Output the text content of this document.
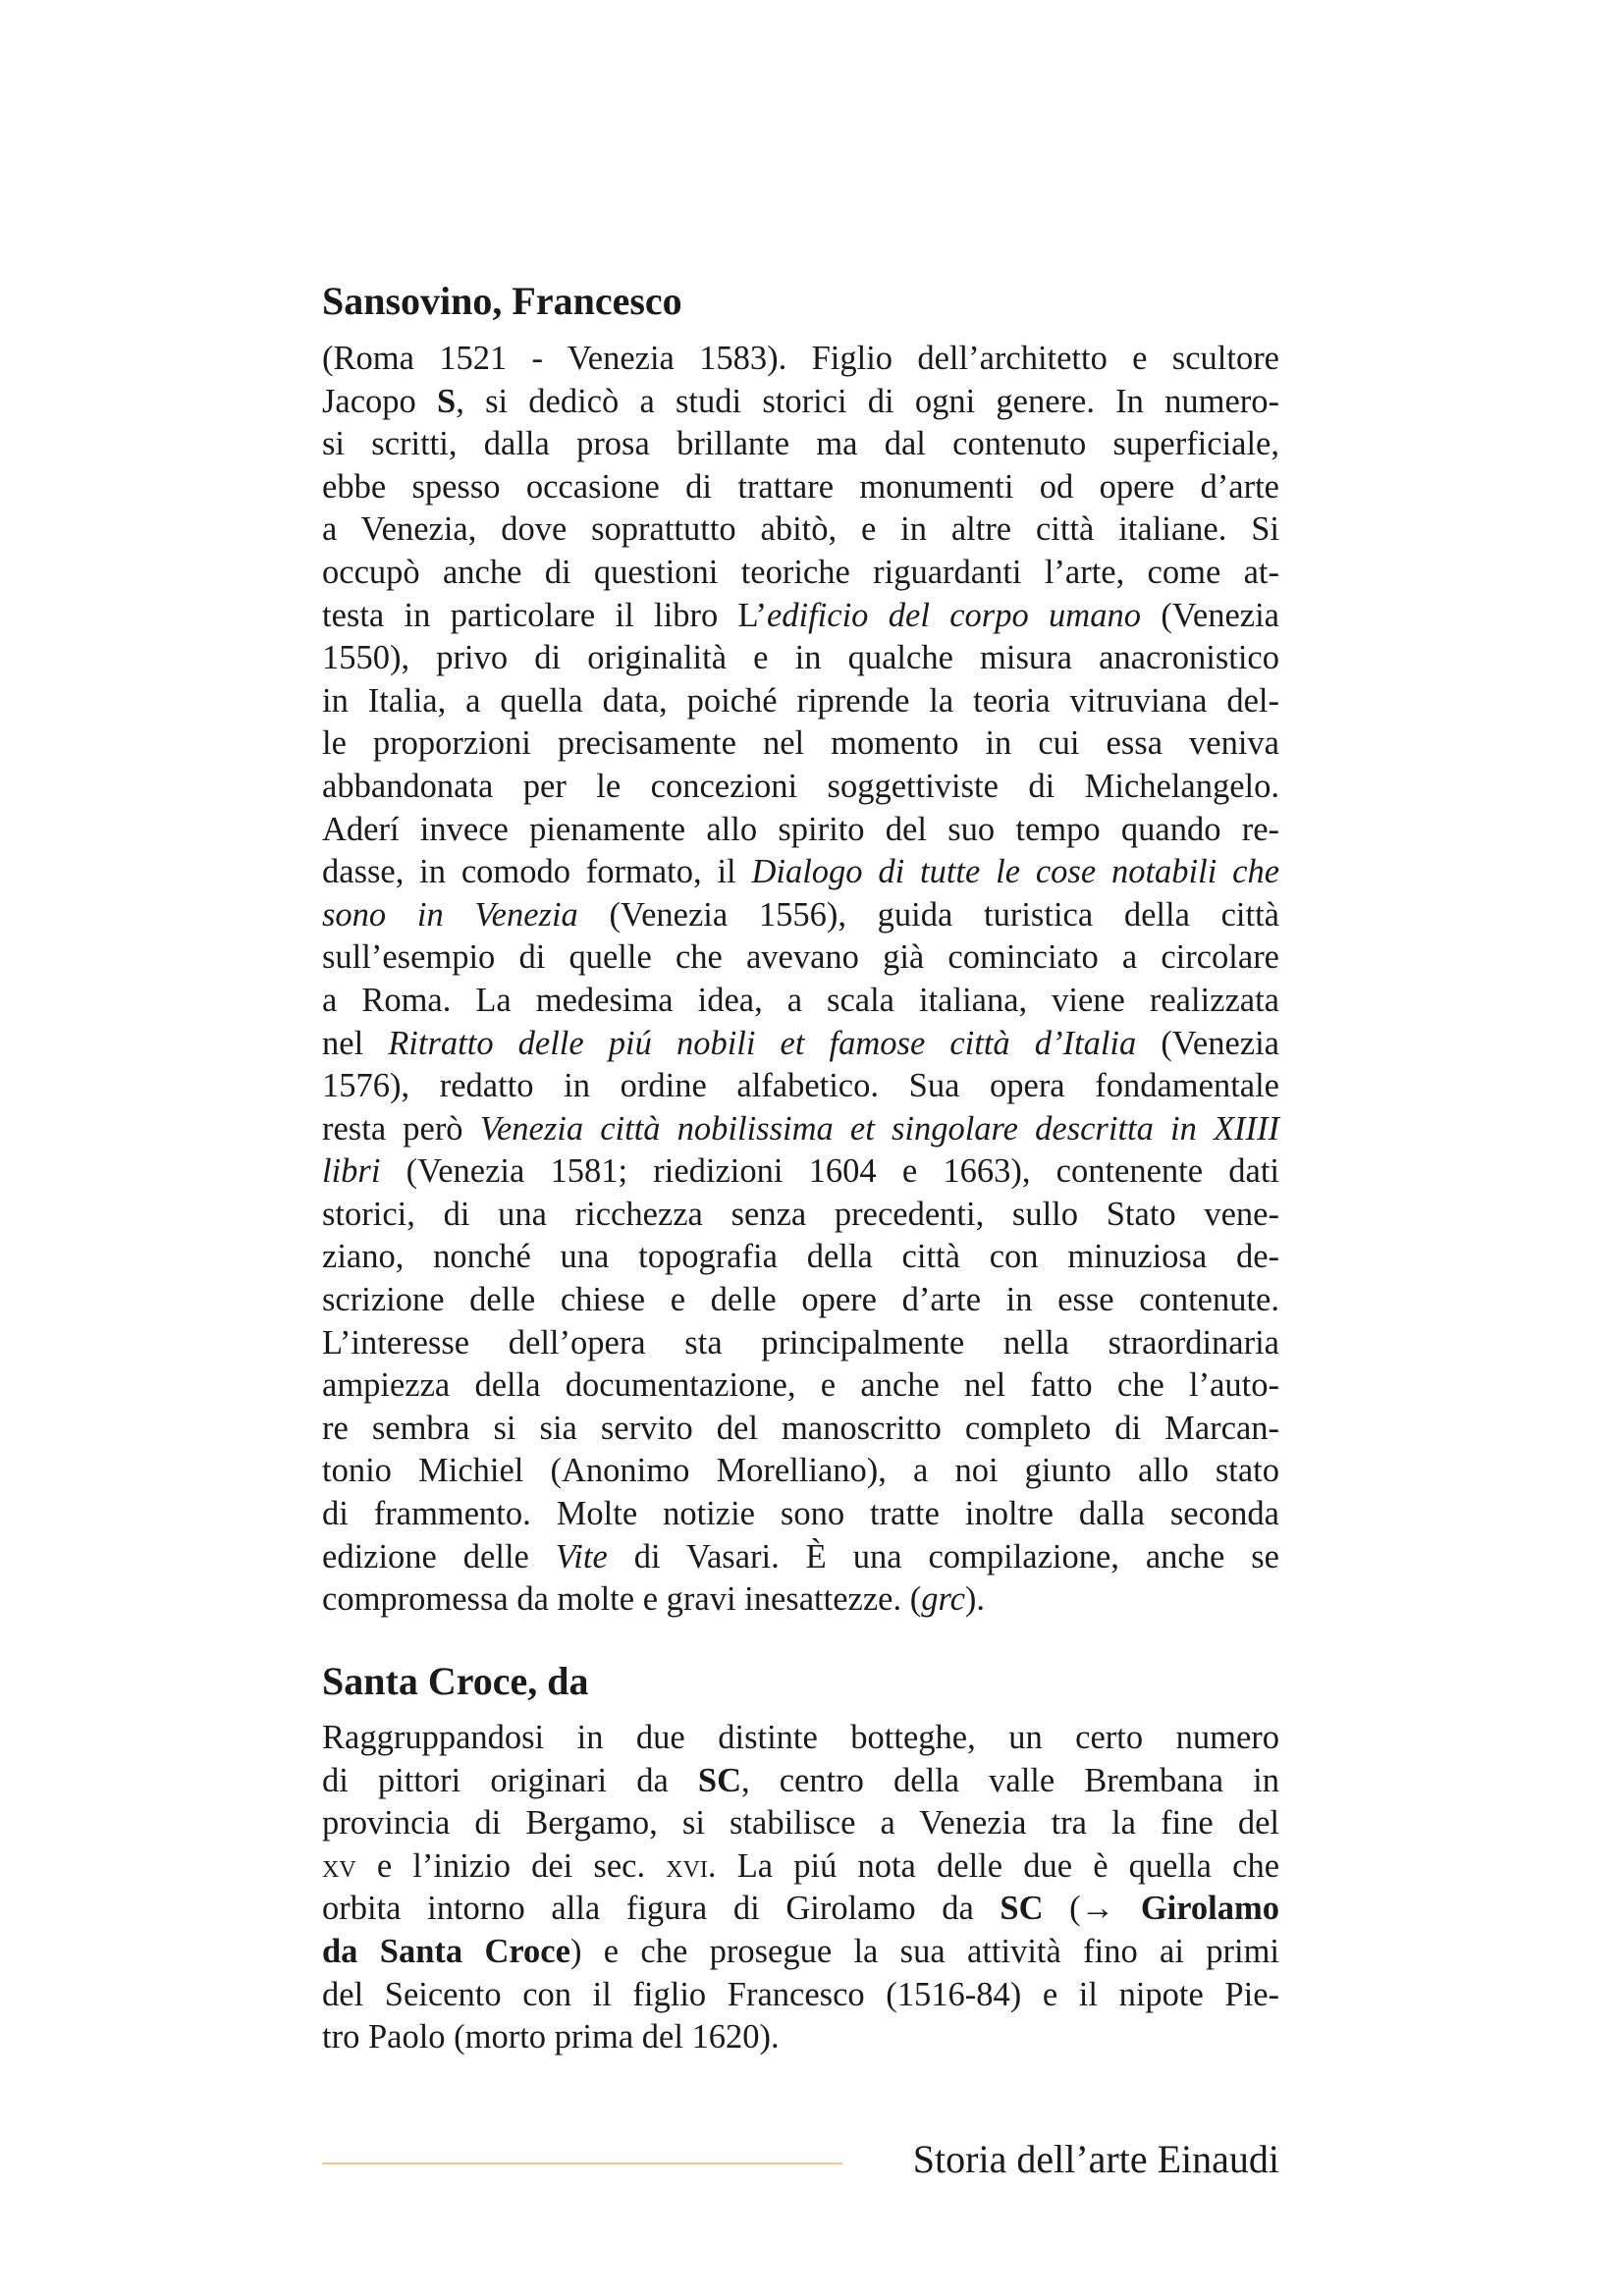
Sansovino, Francesco
(Roma 1521 - Venezia 1583). Figlio dell’architetto e scultore
Jacopo S, si dedicò a studi storici di ogni genere. In numero-
si scritti, dalla prosa brillante ma dal contenuto superficiale,
ebbe spesso occasione di trattare monumenti od opere d’arte
a Venezia, dove soprattutto abitò, e in altre città italiane. Si
occupò anche di questioni teoriche riguardanti l’arte, come at-
testa in particolare il libro L’edificio del corpo umano (Venezia
1550), privo di originalità e in qualche misura anacronistico
in Italia, a quella data, poiché riprende la teoria vitruviana del-
le proporzioni precisamente nel momento in cui essa veniva
abbandonata per le concezioni soggettiviste di Michelangelo.
Aderí invece pienamente allo spirito del suo tempo quando re-
dasse, in comodo formato, il Dialogo di tutte le cose notabili che
sono in Venezia (Venezia 1556), guida turistica della città
sull’esempio di quelle che avevano già cominciato a circolare
a Roma. La medesima idea, a scala italiana, viene realizzata
nel Ritratto delle piú nobili et famose città d’Italia (Venezia
1576), redatto in ordine alfabetico. Sua opera fondamentale
resta però Venezia città nobilissima et singolare descritta in XIIII
libri (Venezia 1581; riedizioni 1604 e 1663), contenente dati
storici, di una ricchezza senza precedenti, sullo Stato vene-
ziano, nonché una topografia della città con minuziosa de-
scrizione delle chiese e delle opere d’arte in esse contenute.
L’interesse dell’opera sta principalmente nella straordinaria
ampiezza della documentazione, e anche nel fatto che l’auto-
re sembra si sia servito del manoscritto completo di Marcan-
tonio Michiel (Anonimo Morelliano), a noi giunto allo stato
di frammento. Molte notizie sono tratte inoltre dalla seconda
edizione delle Vite di Vasari. È una compilazione, anche se
compromessa da molte e gravi inesattezze. (grc).
Santa Croce, da
Raggruppandosi in due distinte botteghe, un certo numero
di pittori originari da SC, centro della valle Brembana in
provincia di Bergamo, si stabilisce a Venezia tra la fine del
xv e l’inizio dei sec. xvi. La piú nota delle due è quella che
orbita intorno alla figura di Girolamo da SC (→ Girolamo
da Santa Croce) e che prosegue la sua attività fino ai primi
del Seicento con il figlio Francesco (1516-84) e il nipote Pie-
tro Paolo (morto prima del 1620).
Storia dell’arte Einaudi
